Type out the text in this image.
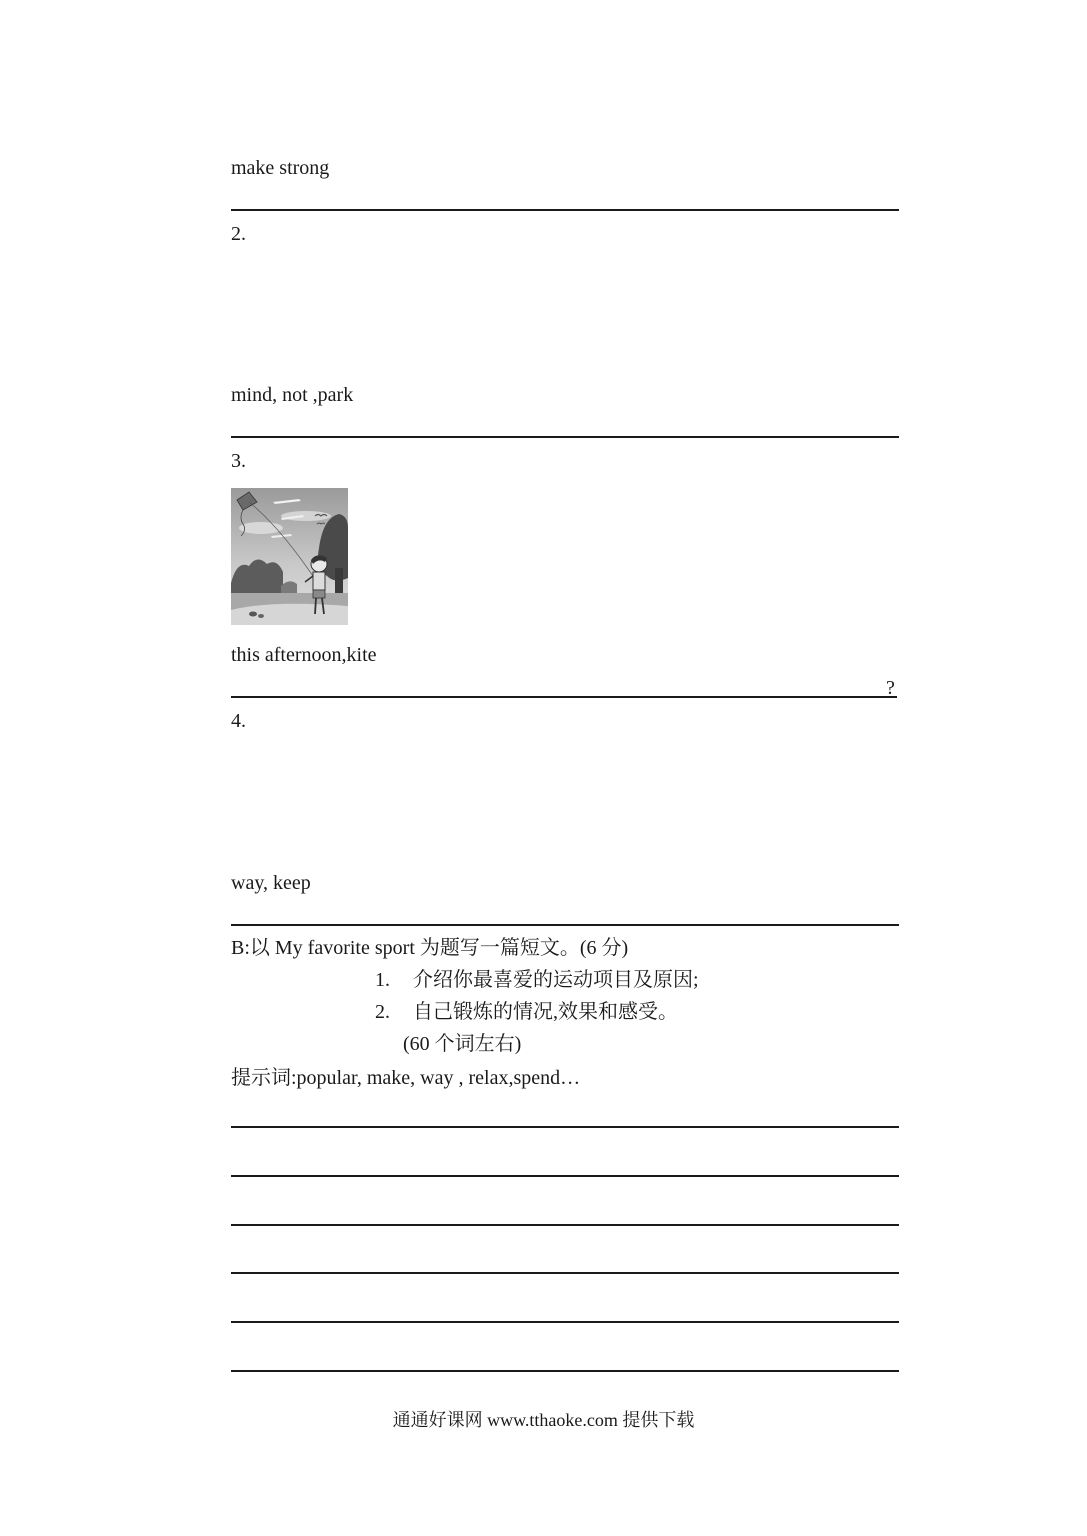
make strong
2.
mind, not ,park
3.
this afternoon,kite
?
4.
way, keep
B:以 My favorite sport 为题写一篇短文。(6 分)
1. 介绍你最喜爱的运动项目及原因;
2. 自己锻炼的情况,效果和感受。
(60 个词左右)
提示词:popular, make, way , relax,spend…
通通好课网 www.tthaoke.com 提供下载
